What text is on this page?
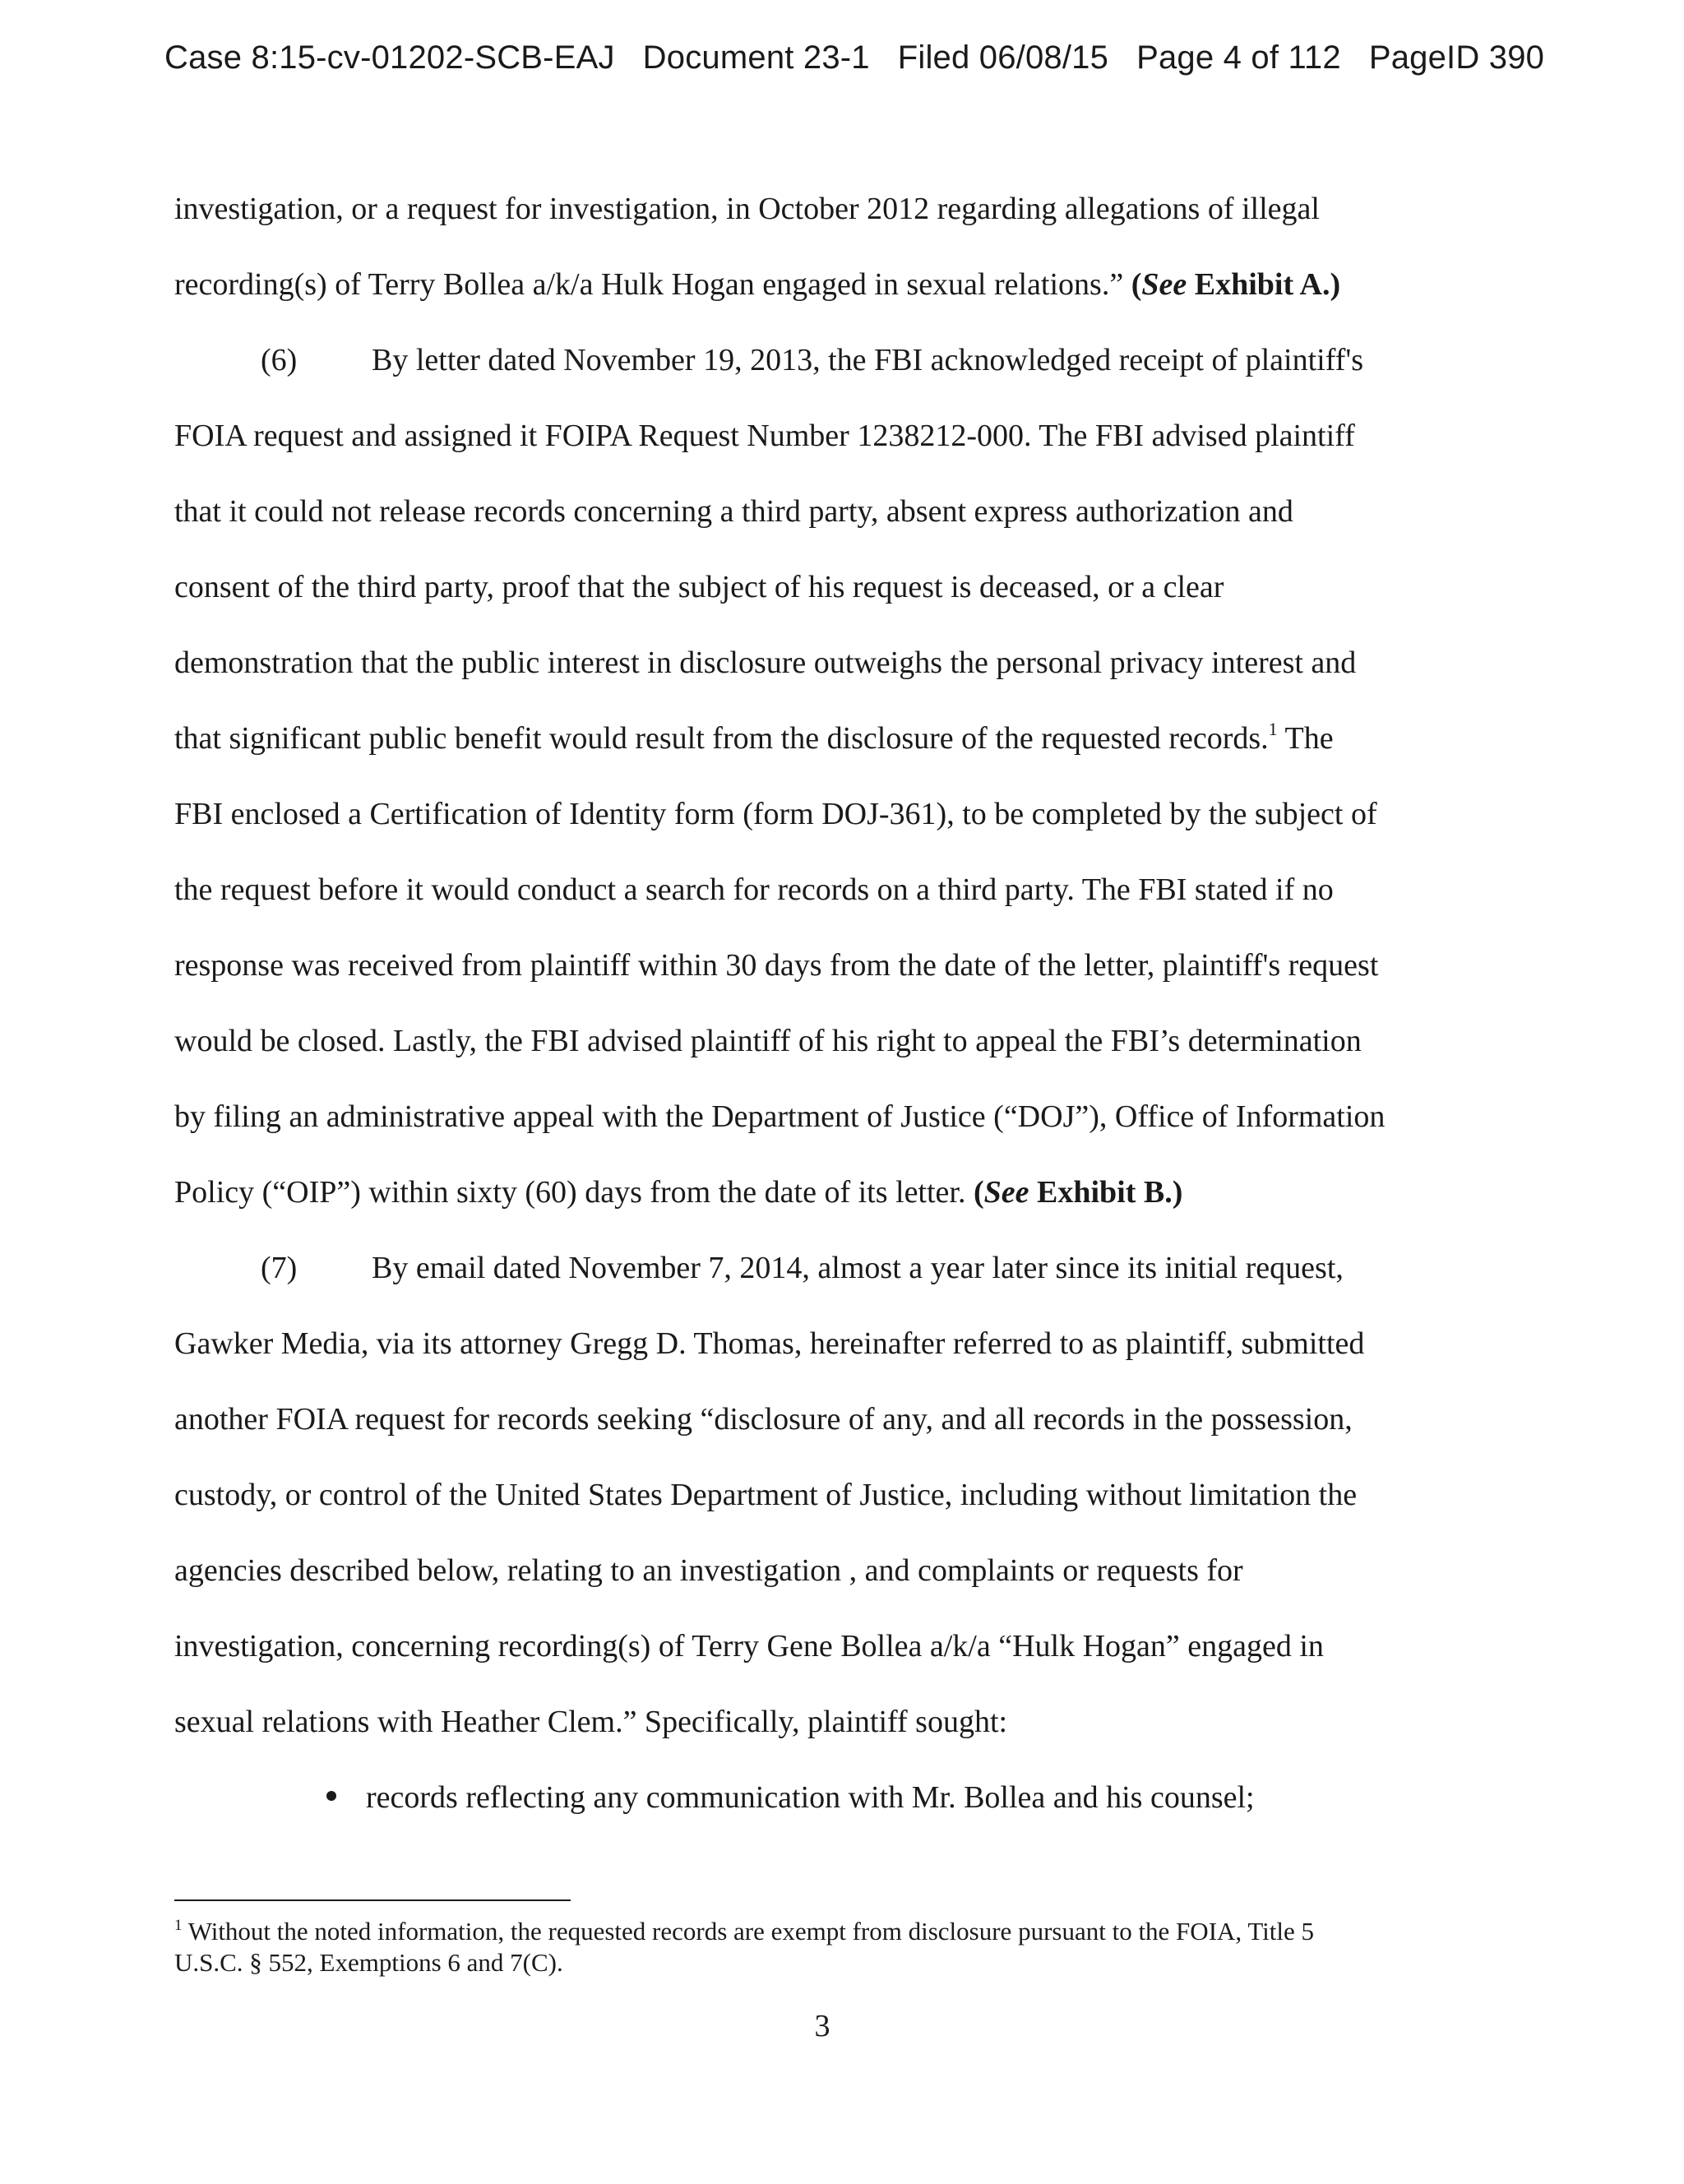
Case 8:15-cv-01202-SCB-EAJ Document 23-1 Filed 06/08/15 Page 4 of 112 PageID 390
investigation, or a request for investigation, in October 2012 regarding allegations of illegal
recording(s) of Terry Bollea a/k/a Hulk Hogan engaged in sexual relations.” (See Exhibit A.)
(6) By letter dated November 19, 2013, the FBI acknowledged receipt of plaintiff's
FOIA request and assigned it FOIPA Request Number 1238212-000. The FBI advised plaintiff
that it could not release records concerning a third party, absent express authorization and
consent of the third party, proof that the subject of his request is deceased, or a clear
demonstration that the public interest in disclosure outweighs the personal privacy interest and
that significant public benefit would result from the disclosure of the requested records.$^1$ The
FBI enclosed a Certification of Identity form (form DOJ-361), to be completed by the subject of
the request before it would conduct a search for records on a third party. The FBI stated if no
response was received from plaintiff within 30 days from the date of the letter, plaintiff's request
would be closed. Lastly, the FBI advised plaintiff of his right to appeal the FBI’s determination
by filing an administrative appeal with the Department of Justice (“DOJ”), Office of Information
Policy (“OIP”) within sixty (60) days from the date of its letter. (See Exhibit B.)
(7) By email dated November 7, 2014, almost a year later since its initial request,
Gawker Media, via its attorney Gregg D. Thomas, hereinafter referred to as plaintiff, submitted
another FOIA request for records seeking “disclosure of any, and all records in the possession,
custody, or control of the United States Department of Justice, including without limitation the
agencies described below, relating to an investigation , and complaints or requests for
investigation, concerning recording(s) of Terry Gene Bollea a/k/a “Hulk Hogan” engaged in
sexual relations with Heather Clem.” Specifically, plaintiff sought:
records reflecting any communication with Mr. Bollea and his counsel;
$^1$ Without the noted information, the requested records are exempt from disclosure pursuant to the FOIA, Title 5
U.S.C. § 552, Exemptions 6 and 7(C).
3
